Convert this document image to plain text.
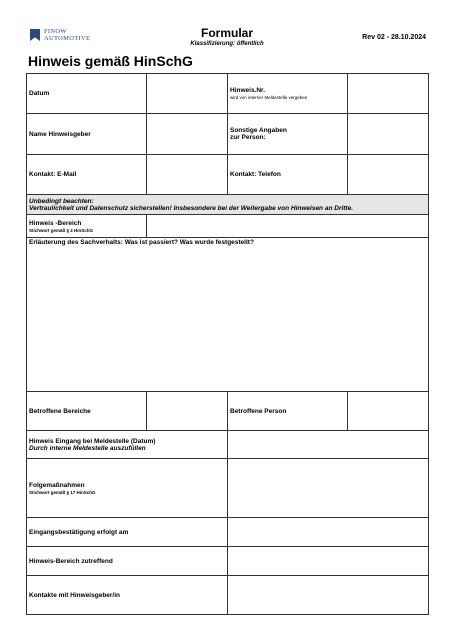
FINOW
AUTOMOTIVE	Formular
Klassifizierung: öffentlich
Rev 02 - 28.10.2024
Hinweis gemäß HinSchG
Datum		Hinweis.Nr.
wird von interner Meldestelle vergeben	

Name Hinweisgeber		Sonstige Angaben
zur Person:	

Kontakt: E-Mail		Kontakt: Telefon	

Unbedingt beachten:
Vertraulichkeit und Datenschutz sicherstellen! Insbesondere bei der Weitergabe von Hinweisen an Dritte.			

Hinweis -Bereich
Stichwort gemäß § 2 HinSchG			

Erläuterung des Sachverhalts: Was ist passiert? Was wurde festgestellt?			
Betroffene Bereiche		Betroffene Person	

Hinweis Eingang bei Meldestelle (Datum)
Durch interne Meldestelle auszufüllen			

Folgemaßnahmen
Stichwort gemäß § 17 HinSchG			

Eingangsbestätigung erfolgt am			
Hinweis-Bereich zutreffend			
Kontakte mit Hinweisgeber/in			
